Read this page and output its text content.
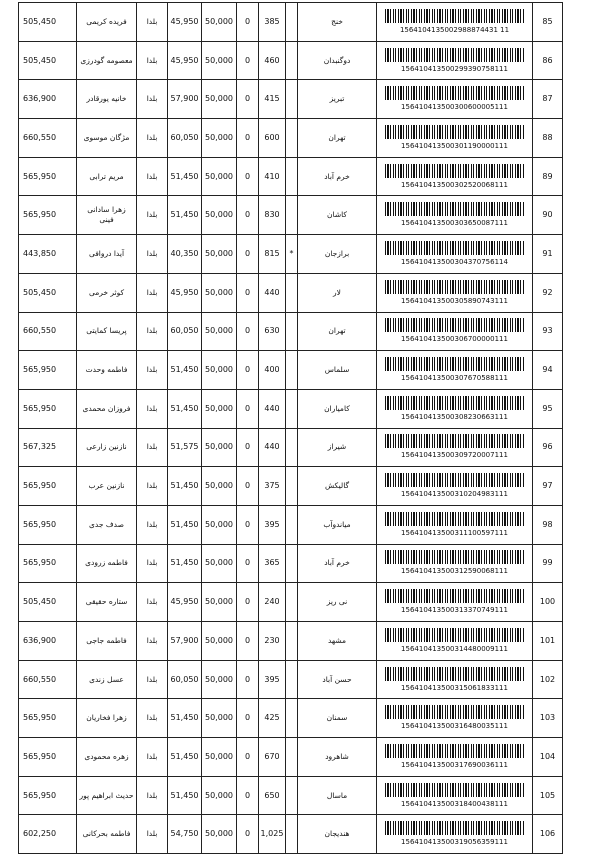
505,450	فریده کریمی	بلدا	45,950	50,000	0	385		خنج	1564104135002988874431 11	85
505,450	معصومه گودرزی	بلدا	45,950	50,000	0	460		دوگنبدان	156410413500299390758111	86
636,900	خانیه یورقادر	بلدا	57,900	50,000	0	415		تبریز	156410413500300600005111	87
660,550	مژگان موسوی	بلدا	60,050	50,000	0	600		تهران	156410413500301190000111	88
565,950	مریم ترابی	بلدا	51,450	50,000	0	410		خرم آباد	156410413500302520068111	89
565,950	زهرا سادانی فینی	بلدا	51,450	50,000	0	830		کاشان	156410413500303650087111	90
443,850	آیدا دروافی	بلدا	40,350	50,000	0	815	*	برازجان	156410413500304370756114	91
505,450	کوثر خرمی	بلدا	45,950	50,000	0	440		لار	156410413500305890743111	92
660,550	پریسا کمایتی	بلدا	60,050	50,000	0	630		تهران	156410413500306700000111	93
565,950	فاطمه وحدت	بلدا	51,450	50,000	0	400		سلماس	156410413500307670588111	94
565,950	فروزان محمدی	بلدا	51,450	50,000	0	440		کامیاران	156410413500308230663111	95
567,325	نازنین زارعی	بلدا	51,575	50,000	0	440		شیراز	156410413500309720007111	96
565,950	نازنین عرب	بلدا	51,450	50,000	0	375		گالیکش	156410413500310204983111	97
565,950	صدف جدی	بلدا	51,450	50,000	0	395		میاندوآب	156410413500311100597111	98
565,950	فاطمه زرودی	بلدا	51,450	50,000	0	365		خرم آباد	156410413500312590068111	99
505,450	ستاره حقیقی	بلدا	45,950	50,000	0	240		نی ریز	156410413500313370749111	100
636,900	فاطمه جاجی	بلدا	57,900	50,000	0	230		مشهد	156410413500314480009111	101
660,550	عسل زندی	بلدا	60,050	50,000	0	395		حسن آباد	156410413500315061833111	102
565,950	زهرا فخاریان	بلدا	51,450	50,000	0	425		سمنان	156410413500316480035111	103
565,950	زهره محمودی	بلدا	51,450	50,000	0	670		شاهرود	156410413500317690036111	104
565,950	حدیث ابراهیم پور	بلدا	51,450	50,000	0	650		ماسال	156410413500318400438111	105
602,250	فاطمه بحرکانی	بلدا	54,750	50,000	0	1,025		هندیجان	156410413500319056359111	106
